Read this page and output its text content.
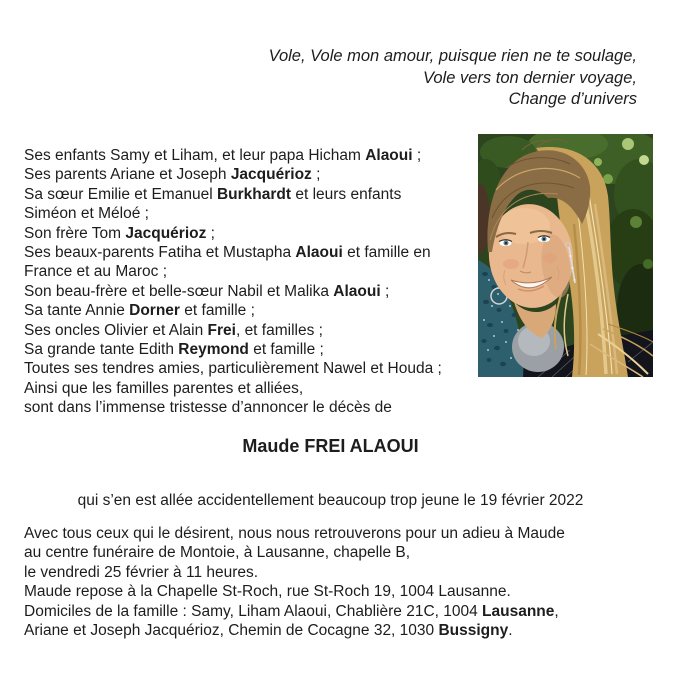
Vole, Vole mon amour, puisque rien ne te soulage,
Vole vers ton dernier voyage,
Change d’univers
Ses enfants Samy et Liham, et leur papa Hicham Alaoui ;
Ses parents Ariane et Joseph Jacquérioz ;
Sa sœur Emilie et Emanuel Burkhardt et leurs enfants
Siméon et Méloé ;
Son frère Tom Jacquérioz ;
Ses beaux-parents Fatiha et Mustapha Alaoui et famille en
France et au Maroc ;
Son beau-frère et belle-sœur Nabil et Malika Alaoui ;
Sa tante Annie Dorner et famille ;
Ses oncles Olivier et Alain Frei, et familles ;
Sa grande tante Edith Reymond et famille ;
Toutes ses tendres amies, particulièrement Nawel et Houda ;
Ainsi que les familles parentes et alliées,
sont dans l’immense tristesse d’annoncer le décès de
Maude FREI ALAOUI
qui s’en est allée accidentellement beaucoup trop jeune le 19 février 2022
Avec tous ceux qui le désirent, nous nous retrouverons pour un adieu à Maude
au centre funéraire de Montoie, à Lausanne, chapelle B,
le vendredi 25 février à 11 heures.
Maude repose à la Chapelle St-Roch, rue St-Roch 19, 1004 Lausanne.
Domiciles de la famille : Samy, Liham Alaoui, Chablière 21C, 1004 Lausanne,
Ariane et Joseph Jacquérioz, Chemin de Cocagne 32, 1030 Bussigny.
